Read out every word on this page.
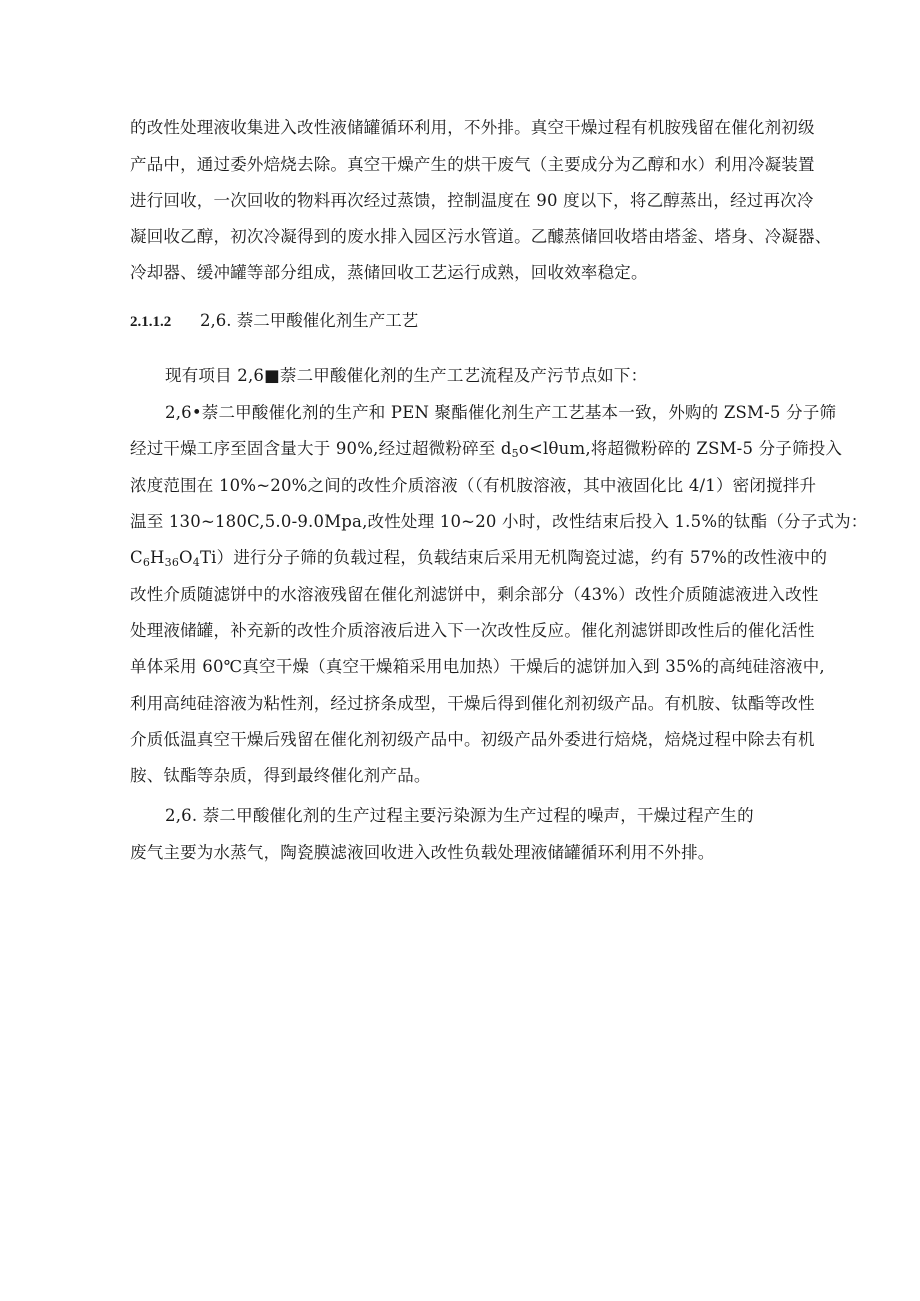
的改性处理液收集进入改性液储罐循环利用，不外排。真空干燥过程有机胺残留在催化剂初级
产品中，通过委外焙烧去除。真空干燥产生的烘干废气（主要成分为乙醇和水）利用冷凝装置
进行回收，一次回收的物料再次经过蒸馈，控制温度在 90 度以下，将乙醇蒸出，经过再次冷
凝回收乙醇，初次冷凝得到的废水排入园区污水管道。乙醵蒸储回收塔由塔釜、塔身、冷凝器、
冷却器、缓冲罐等部分组成，蒸储回收工艺运行成熟，回收效率稳定。
2.1.1.2 2,6. 萘二甲酸催化剂生产工艺
现有项目 2,6■萘二甲酸催化剂的生产工艺流程及产污节点如下：
2,6•萘二甲酸催化剂的生产和 PEN 聚酯催化剂生产工艺基本一致，外购的 ZSM-5 分子筛
经过干燥工序至固含量大于 90%,经过超微粉碎至 $d_5o<l\theta um$,将超微粉碎的 ZSM-5 分子筛投入
浓度范围在 10%~20%之间的改性介质溶液（（有机胺溶液，其中液固化比 4/1）密闭搅拌升
温至 130~180C,5.0-9.0Mpa,改性处理 10~20 小时，改性结束后投入 1.5%的钛酯（分子式为：
$C_6H_{36}O_4Ti$）进行分子筛的负载过程，负载结束后采用无机陶瓷过滤，约有 57%的改性液中的
改性介质随滤饼中的水溶液残留在催化剂滤饼中，剩余部分（43%）改性介质随滤液进入改性
处理液储罐，补充新的改性介质溶液后进入下一次改性反应。催化剂滤饼即改性后的催化活性
单体采用 60℃真空干燥（真空干燥箱采用电加热）干燥后的滤饼加入到 35%的高纯硅溶液中,
利用高纯硅溶液为粘性剂，经过挤条成型，干燥后得到催化剂初级产品。有机胺、钛酯等改性
介质低温真空干燥后残留在催化剂初级产品中。初级产品外委进行焙烧，焙烧过程中除去有机
胺、钛酯等杂质，得到最终催化剂产品。
2,6. 萘二甲酸催化剂的生产过程主要污染源为生产过程的噪声，干燥过程产生的
废气主要为水蒸气，陶瓷膜滤液回收进入改性负载处理液储罐循环利用不外排。
